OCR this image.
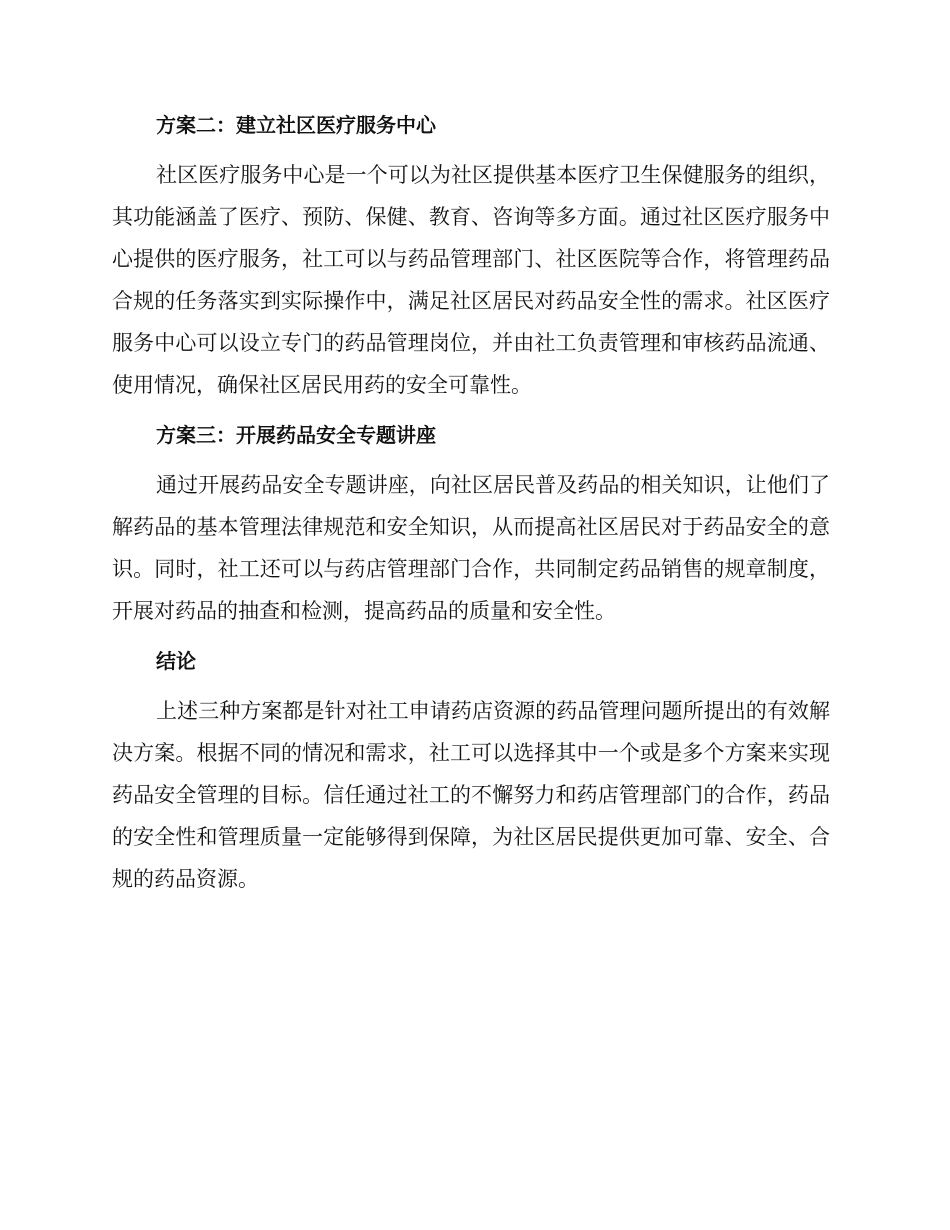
方案二：建立社区医疗服务中心

社区医疗服务中心是一个可以为社区提供基本医疗卫生保健服务的组织，其功能涵盖了医疗、预防、保健、教育、咨询等多方面。通过社区医疗服务中心提供的医疗服务，社工可以与药品管理部门、社区医院等合作，将管理药品合规的任务落实到实际操作中，满足社区居民对药品安全性的需求。社区医疗服务中心可以设立专门的药品管理岗位，并由社工负责管理和审核药品流通、使用情况，确保社区居民用药的安全可靠性。

方案三：开展药品安全专题讲座

通过开展药品安全专题讲座，向社区居民普及药品的相关知识，让他们了解药品的基本管理法律规范和安全知识，从而提高社区居民对于药品安全的意识。同时，社工还可以与药店管理部门合作，共同制定药品销售的规章制度，开展对药品的抽查和检测，提高药品的质量和安全性。

结论

上述三种方案都是针对社工申请药店资源的药品管理问题所提出的有效解决方案。根据不同的情况和需求，社工可以选择其中一个或是多个方案来实现药品安全管理的目标。信任通过社工的不懈努力和药店管理部门的合作，药品的安全性和管理质量一定能够得到保障，为社区居民提供更加可靠、安全、合规的药品资源。
